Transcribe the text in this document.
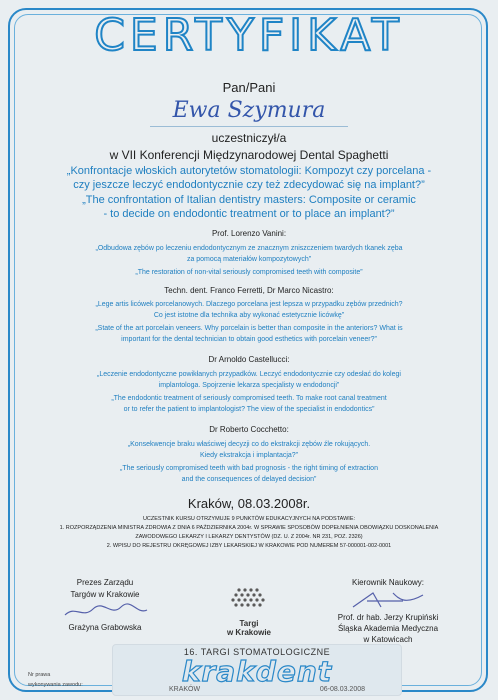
CERTYFIKAT
Pan/Pani
Ewa Szymura
uczestniczył/a
w VII Konferencji Międzynarodowej Dental Spaghetti
„Konfrontacje włoskich autorytetów stomatologii: Kompozyt czy porcelana -
czy jeszcze leczyć endodontycznie czy też zdecydować się na implant?”
„The confrontation of Italian dentistry masters: Composite or ceramic
- to decide on endodontic treatment or to place an implant?”
Prof. Lorenzo Vanini:
„Odbudowa zębów po leczeniu endodontycznym ze znacznym zniszczeniem twardych tkanek zęba
za pomocą materiałów kompozytowych”
„The restoration of non-vital seriously compromised teeth with composite”
Techn. dent. Franco Ferretti, Dr Marco Nicastro:
„Lege artis licówek porcelanowych. Dlaczego porcelana jest lepsza w przypadku zębów przednich?
Co jest istotne dla technika aby wykonać estetycznie licówkę”
„State of the art porcelain veneers. Why porcelain is better than composite in the anteriors? What is
important for the dental technician to obtain good esthetics with porcelain veneer?”
Dr Arnoldo Castellucci:
„Leczenie endodontyczne powikłanych przypadków. Leczyć endodontycznie czy odesłać do kolegi
implantologa. Spojrzenie lekarza specjalisty w endodoncji”
„The endodontic treatment of seriously compromised teeth. To make root canal treatment
or to refer the patient to implantologist? The view of the specialist in endodontics”
Dr Roberto Cocchetto:
„Konsekwencje braku właściwej decyzji co do ekstrakcji zębów źle rokujących.
Kiedy ekstrakcja i implantacja?”
„The seriously compromised teeth with bad prognosis - the right timing of extraction
and the consequences of delayed decision”
Kraków, 08.03.2008r.
UCZESTNIK KURSU OTRZYMUJE 9 PUNKTÓW EDUKACYJNYCH NA PODSTAWIE:
1. ROZPORZĄDZENIA MINISTRA ZDROWIA Z DNIA 6 PAŹDZIERNIKA 2004r. W SPRAWIE SPOSOBÓW DOPEŁNIENIA OBOWIĄZKU DOSKONALENIA
ZAWODOWEGO LEKARZY I LEKARZY DENTYSTÓW (DZ. U. Z 2004r. NR 231, POZ. 2326)
2. WPISU DO REJESTRU OKRĘGOWEJ IZBY LEKARSKIEJ W KRAKOWIE POD NUMEREM 57-000001-002-0001
Prezes Zarządu
Targów w Krakowie
Grażyna Grabowska	Targi
w Krakowie
Kierownik Naukowy:
Prof. dr hab. Jerzy Krupiński
Śląska Akademia Medyczna
w Katowicach
Nr prawa
wykonywania zawodu:
16. TARGI STOMATOLOGICZNE
krakdent
KRAKÓW	06-08.03.2008
